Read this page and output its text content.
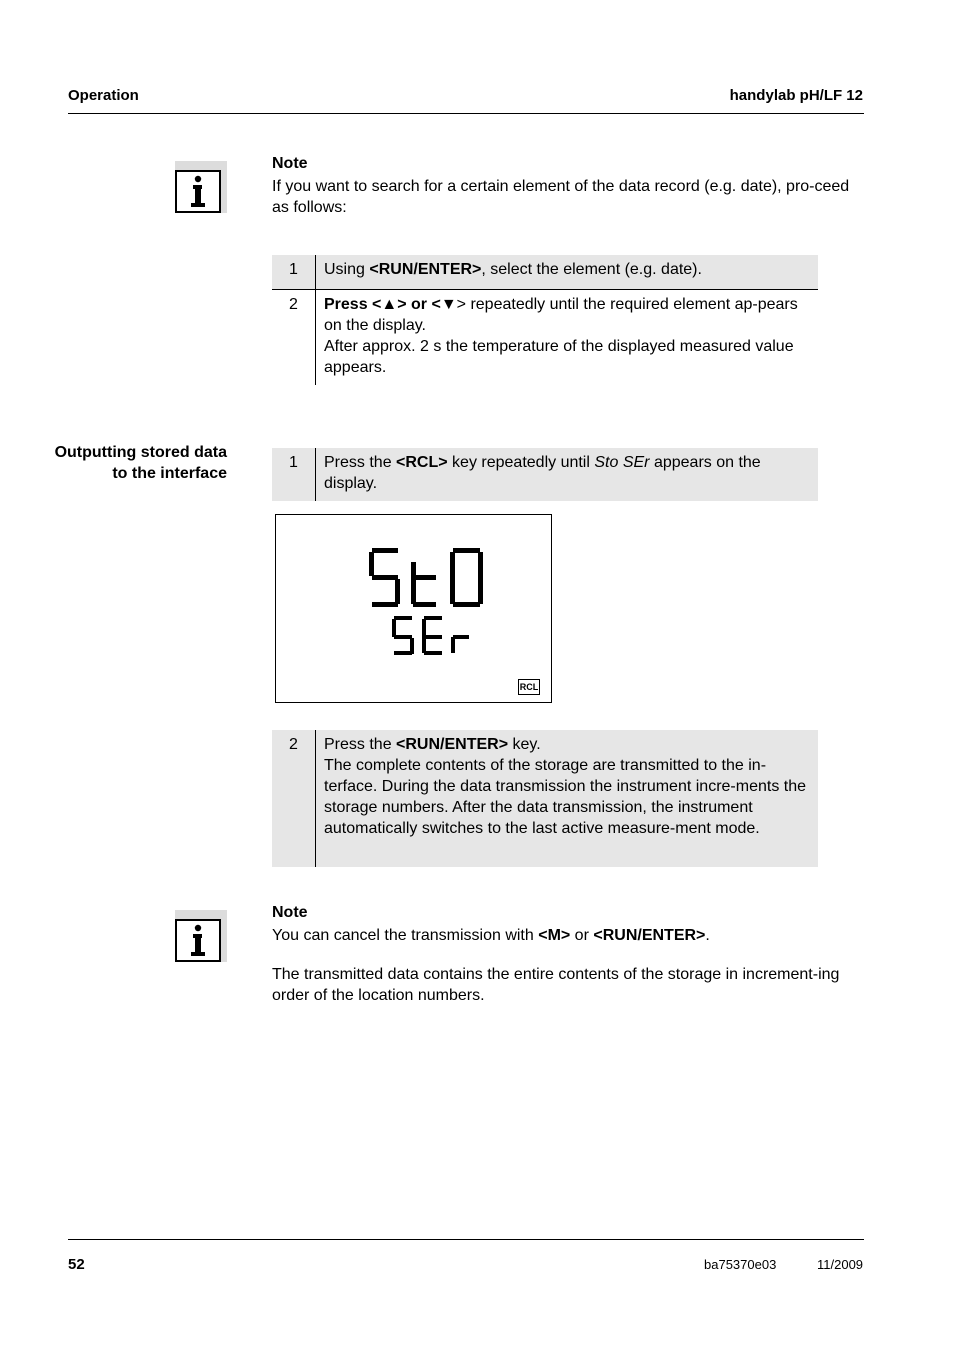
Operation	handylab pH/LF 12
Note
If you want to search for a certain element of the data record (e.g. date), pro-ceed as follows:
1	Using <RUN/ENTER>, select the element (e.g. date).
2	Press <▲> or <▼> repeatedly until the required element ap-pears on the display.
After approx. 2 s the temperature of the displayed measured value appears.
Outputting stored data to the interface
1	Press the <RCL> key repeatedly until Sto SEr appears on the display.
RCL
2	Press the <RUN/ENTER> key.
The complete contents of the storage are transmitted to the in-terface. During the data transmission the instrument incre-ments the storage numbers. After the data transmission, the instrument automatically switches to the last active measure-ment mode.
Note
You can cancel the transmission with <M> or <RUN/ENTER>.
The transmitted data contains the entire contents of the storage in increment-ing order of the location numbers.
52	ba75370e03	11/2009
